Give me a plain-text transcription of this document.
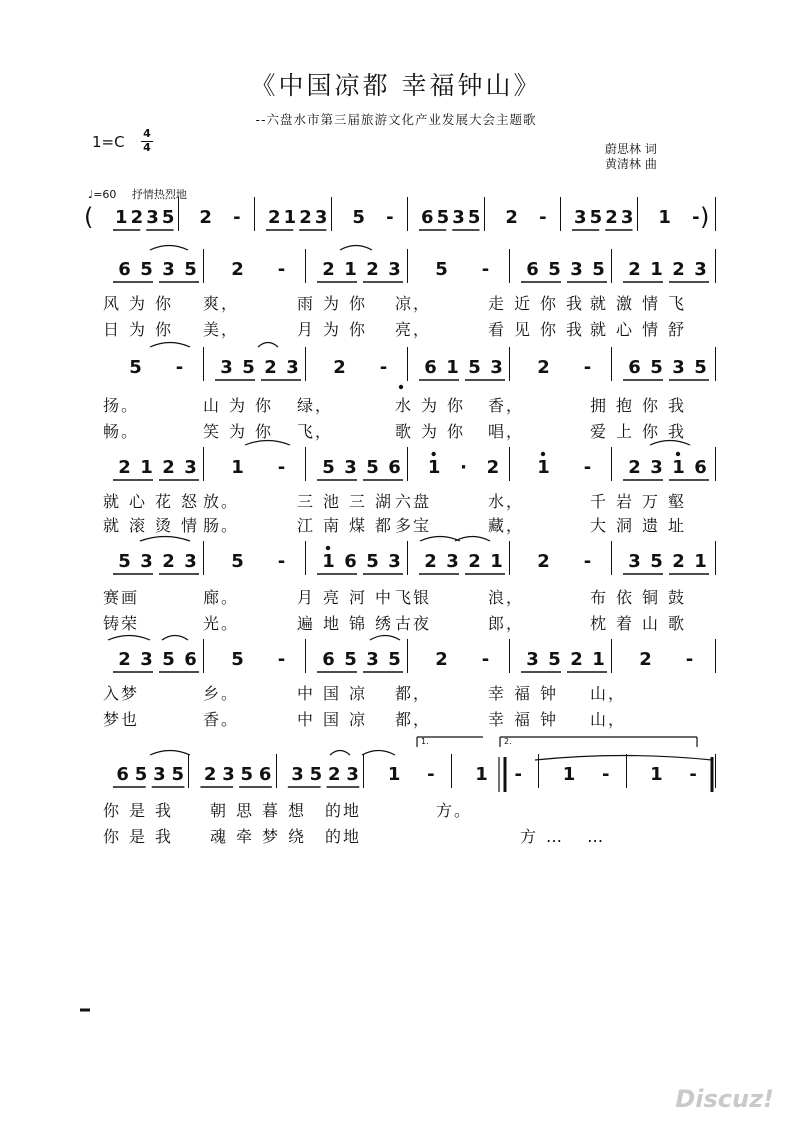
《中国凉都 幸福钟山》
--六盘水市第三届旅游文化产业发展大会主题歌
1=C 4
4	蔚思林 词
黄清林 曲
♩=60 抒情热烈地
1 2 3 5 2 - 2 1 2 3 5 - 6 5 3 5 2 - 3 5 2 3 1 -
6 5 3 5 2 - 2 1 2 3 5 - 6 5 3 5 2 1 2 3
5 - 3 5 2 3 2 - 6 1 5 3 2 - 6 5 3 5
2 1 2 3 1 - 5 3 5 6 1 · 2 1 - 2 3 1 6
5 3 2 3 5 - 1 6 5 3 2 3 2 1 2 - 3 5 2 1
2 3 5 6 5 - 6 5 3 5 2 - 3 5 2 1 2 -
6 5 3 5 2 3 5 6 3 5 2 3 1 - 1 - 1 - 1 -
(	)
1.	2.
风为你 爽，	雨为你 凉，	走近你我
就激情飞
日为你 美，	月为你 亮，	看见你我
就心情舒
扬。	山为你 绿，	水为你 香，	拥抱你我
畅。	笑为你 飞，	歌为你 唱，	爱上你我
就心花怒
放。	三池三湖
六盘	水，	千岩万壑
就滚烫情
肠。	江南煤都
多宝	藏，	大洞遗址
赛画	廊。	月亮河中
飞银	浪，	布依铜鼓
铸荣	光。	遍地锦绣
古夜	郎，	枕着山歌
入梦	乡。	中国凉 都，	幸福钟 山，
梦也	香。	中国凉 都，	幸福钟 山，
你是我 朝思暮想 的地	方。
你是我 魂牵梦绕 的地	方… …
Discuz!
